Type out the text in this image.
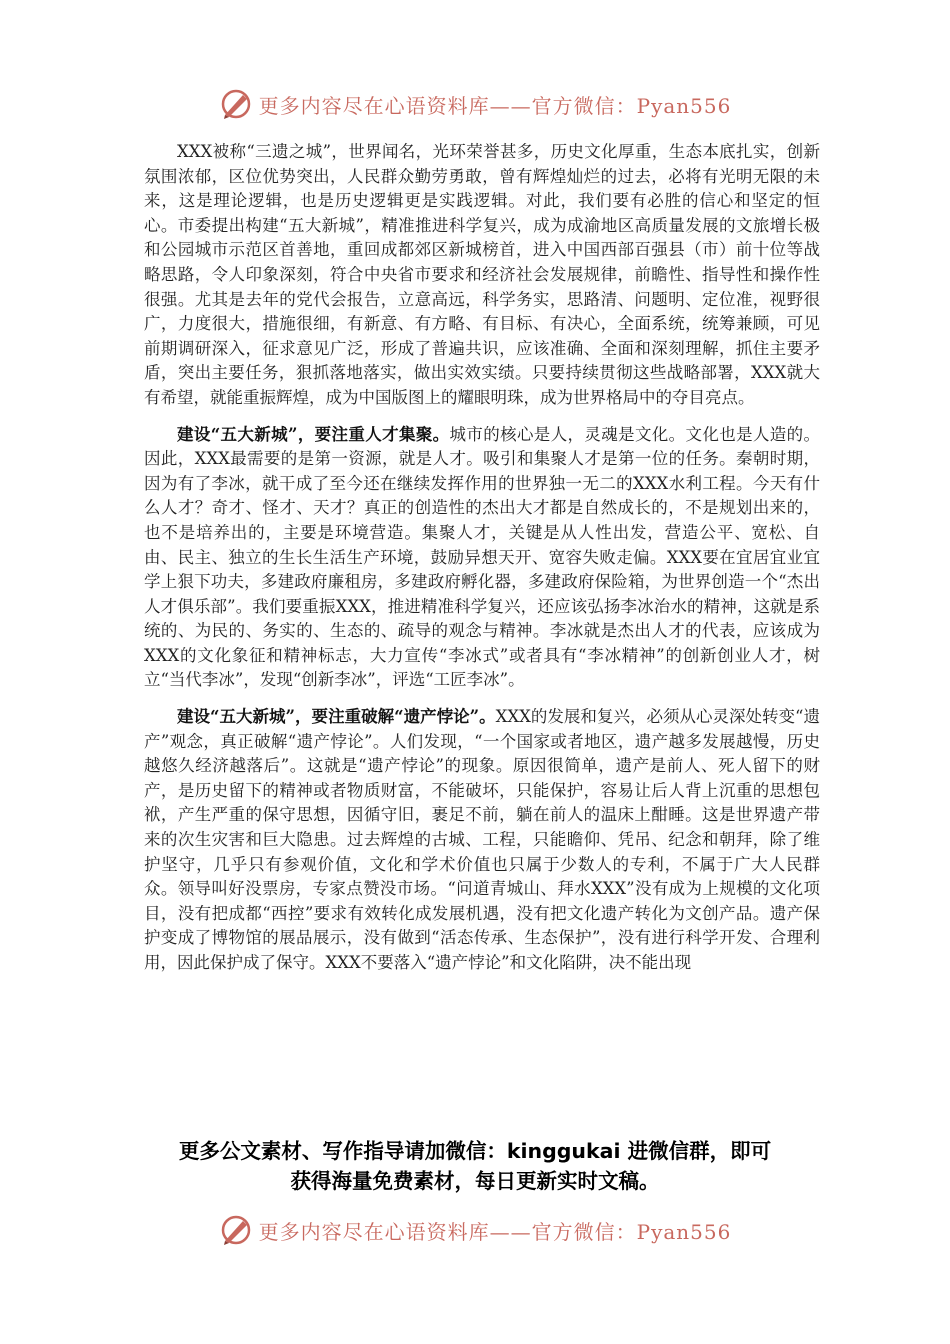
更多内容尽在心语资料库——官方微信：Pyan556

XXX被称“三遗之城”，世界闻名，光环荣誉甚多，历史文化厚重，生态本底扎实，创新氛围浓郁，区位优势突出，人民群众勤劳勇敢，曾有辉煌灿烂的过去，必将有光明无限的未来，这是理论逻辑，也是历史逻辑更是实践逻辑。对此，我们要有必胜的信心和坚定的恒心。市委提出构建“五大新城”，精准推进科学复兴，成为成渝地区高质量发展的文旅增长极和公园城市示范区首善地，重回成都郊区新城榜首，进入中国西部百强县（市）前十位等战略思路，令人印象深刻，符合中央省市要求和经济社会发展规律，前瞻性、指导性和操作性很强。尤其是去年的党代会报告，立意高远，科学务实，思路清、问题明、定位准，视野很广，力度很大，措施很细，有新意、有方略、有目标、有决心，全面系统，统筹兼顾，可见前期调研深入，征求意见广泛，形成了普遍共识，应该准确、全面和深刻理解，抓住主要矛盾，突出主要任务，狠抓落地落实，做出实效实绩。只要持续贯彻这些战略部署，XXX就大有希望，就能重振辉煌，成为中国版图上的耀眼明珠，成为世界格局中的夺目亮点。

建设“五大新城”，要注重人才集聚。城市的核心是人，灵魂是文化。文化也是人造的。因此，XXX最需要的是第一资源，就是人才。吸引和集聚人才是第一位的任务。秦朝时期，因为有了李冰，就干成了至今还在继续发挥作用的世界独一无二的XXX水利工程。今天有什么人才？奇才、怪才、天才？真正的创造性的杰出大才都是自然成长的，不是规划出来的，也不是培养出的，主要是环境营造。集聚人才，关键是从人性出发，营造公平、宽松、自由、民主、独立的生长生活生产环境，鼓励异想天开、宽容失败走偏。XXX要在宜居宜业宜学上狠下功夫，多建政府廉租房，多建政府孵化器，多建政府保险箱，为世界创造一个“杰出人才俱乐部”。我们要重振XXX，推进精准科学复兴，还应该弘扬李冰治水的精神，这就是系统的、为民的、务实的、生态的、疏导的观念与精神。李冰就是杰出人才的代表，应该成为XXX的文化象征和精神标志，大力宣传“李冰式”或者具有“李冰精神”的创新创业人才，树立“当代李冰”，发现“创新李冰”，评选“工匠李冰”。

建设“五大新城”，要注重破解“遗产悖论”。XXX的发展和复兴，必须从心灵深处转变“遗产”观念，真正破解“遗产悖论”。人们发现，“一个国家或者地区，遗产越多发展越慢，历史越悠久经济越落后”。这就是“遗产悖论”的现象。原因很简单，遗产是前人、死人留下的财产，是历史留下的精神或者物质财富，不能破坏，只能保护，容易让后人背上沉重的思想包袱，产生严重的保守思想，因循守旧，裹足不前，躺在前人的温床上酣睡。这是世界遗产带来的次生灾害和巨大隐患。过去辉煌的古城、工程，只能瞻仰、凭吊、纪念和朝拜，除了维护坚守，几乎只有参观价值，文化和学术价值也只属于少数人的专利，不属于广大人民群众。领导叫好没票房，专家点赞没市场。“问道青城山、拜水XXX”没有成为上规模的文化项目，没有把成都“西控”要求有效转化成发展机遇，没有把文化遗产转化为文创产品。遗产保护变成了博物馆的展品展示，没有做到“活态传承、生态保护”，没有进行科学开发、合理利用，因此保护成了保守。XXX不要落入“遗产悖论”和文化陷阱，决不能出现

更多公文素材、写作指导请加微信：kinggukai 进微信群，即可
获得海量免费素材，每日更新实时文稿。
更多内容尽在心语资料库——官方微信：Pyan556
